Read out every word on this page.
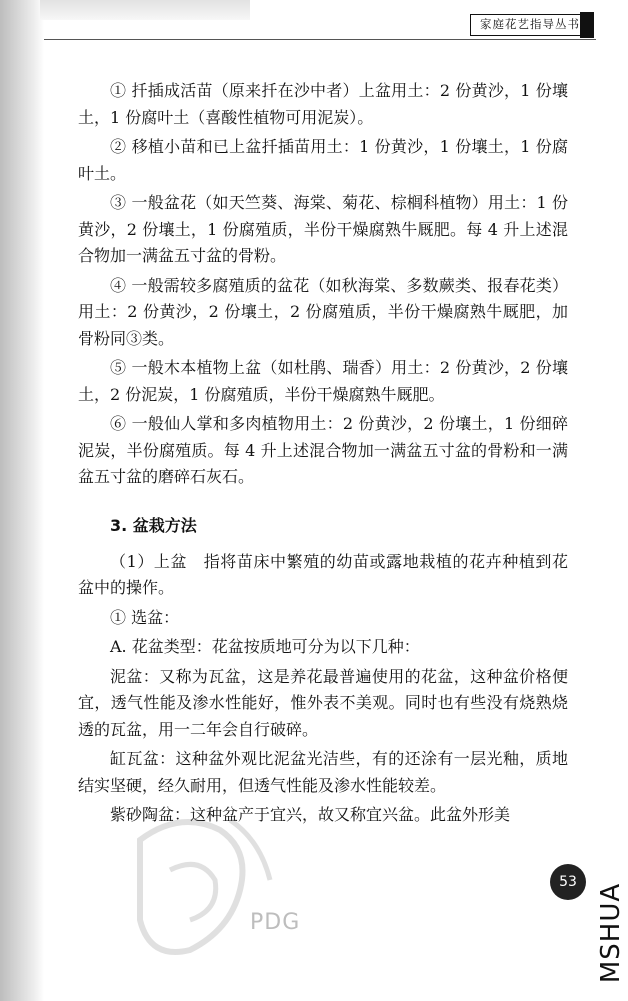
家庭花艺指导丛书

① 扦插成活苗（原来扦在沙中者）上盆用土：2 份黄沙，1 份壤土，1 份腐叶土（喜酸性植物可用泥炭）。

② 移植小苗和已上盆扦插苗用土：1 份黄沙，1 份壤土，1 份腐叶土。

③ 一般盆花（如天竺葵、海棠、菊花、棕榈科植物）用土：1 份黄沙，2 份壤土，1 份腐殖质，半份干燥腐熟牛厩肥。每 4 升上述混合物加一满盆五寸盆的骨粉。

④ 一般需较多腐殖质的盆花（如秋海棠、多数蕨类、报春花类）用土：2 份黄沙，2 份壤土，2 份腐殖质，半份干燥腐熟牛厩肥，加骨粉同③类。

⑤ 一般木本植物上盆（如杜鹃、瑞香）用土：2 份黄沙，2 份壤土，2 份泥炭，1 份腐殖质，半份干燥腐熟牛厩肥。

⑥ 一般仙人掌和多肉植物用土：2 份黄沙，2 份壤土，1 份细碎泥炭，半份腐殖质。每 4 升上述混合物加一满盆五寸盆的骨粉和一满盆五寸盆的磨碎石灰石。

3. 盆栽方法

（1）上盆　指将苗床中繁殖的幼苗或露地栽植的花卉种植到花盆中的操作。

① 选盆：

A. 花盆类型：花盆按质地可分为以下几种：

泥盆：又称为瓦盆，这是养花最普遍使用的花盆，这种盆价格便宜，透气性能及渗水性能好，惟外表不美观。同时也有些没有烧熟烧透的瓦盆，用一二年会自行破碎。

缸瓦盆：这种盆外观比泥盆光洁些，有的还涂有一层光釉，质地结实坚硬，经久耐用，但透气性能及渗水性能较差。

紫砂陶盆：这种盆产于宜兴，故又称宜兴盆。此盆外形美

PDG
53
MSHUA
